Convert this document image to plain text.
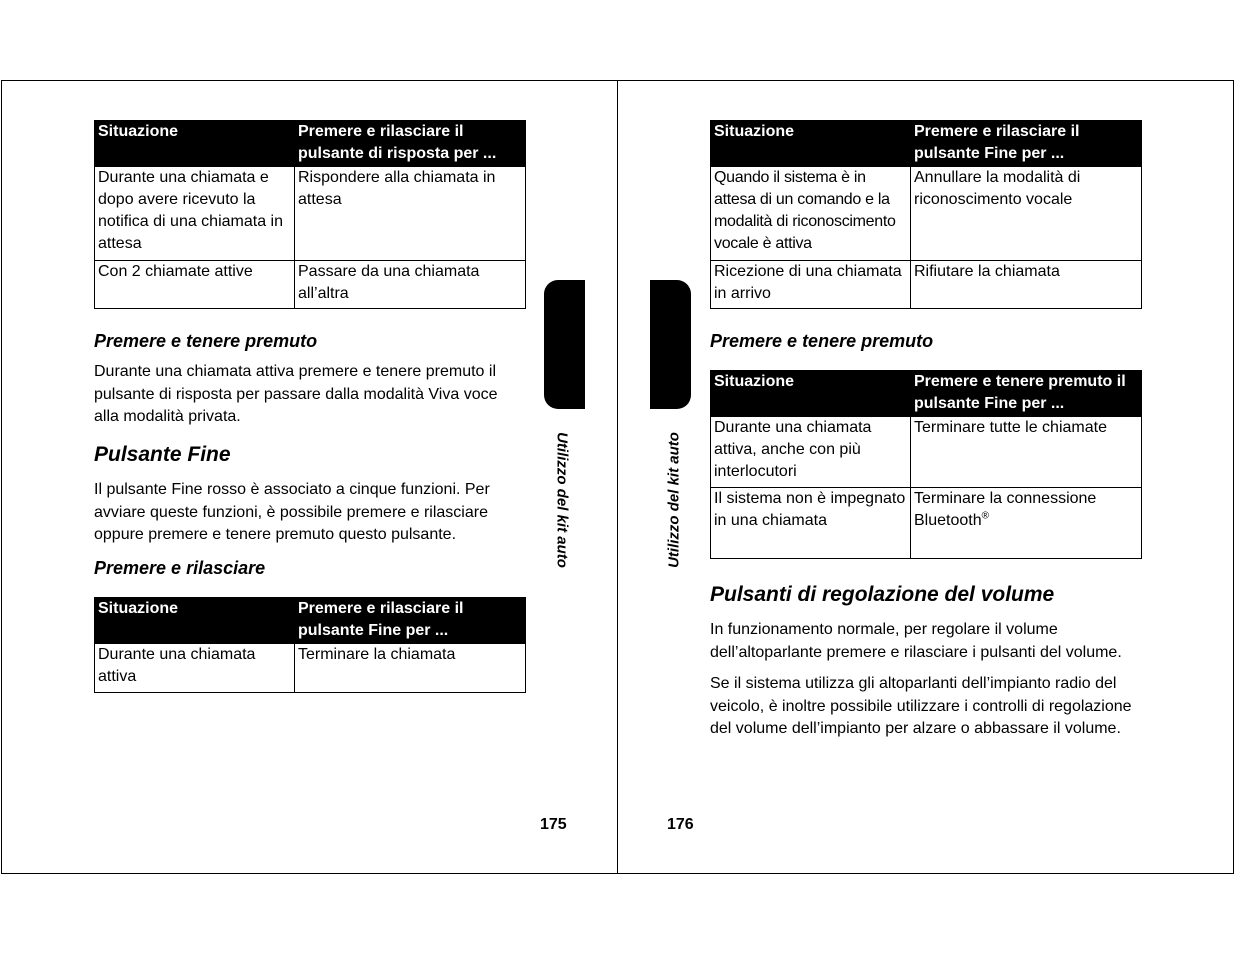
Situazione	Premere e rilasciare il pulsante di risposta per ...
Durante una chiamata e dopo avere ricevuto la notifica di una chiamata in attesa	Rispondere alla chiamata in attesa
Con 2 chiamate attive	Passare da una chiamata all’altra
Premere e tenere premuto
Durante una chiamata attiva premere e tenere premuto il pulsante di risposta per passare dalla modalità Viva voce alla modalità privata.
Pulsante Fine
Il pulsante Fine rosso è associato a cinque funzioni. Per avviare queste funzioni, è possibile premere e rilasciare oppure premere e tenere premuto questo pulsante.
Premere e rilasciare
Situazione	Premere e rilasciare il pulsante Fine per ...
Durante una chiamata attiva	Terminare la chiamata
Utilizzo del kit auto
175
Utilizzo del kit auto
176
Situazione	Premere e rilasciare il pulsante Fine per ...
Quando il sistema è in attesa di un comando e la modalità di riconoscimento vocale è attiva	Annullare la modalità di riconoscimento vocale
Ricezione di una chiamata in arrivo	Rifiutare la chiamata
Premere e tenere premuto
Situazione	Premere e tenere premuto il pulsante Fine per ...
Durante una chiamata attiva, anche con più interlocutori	Terminare tutte le chiamate
Il sistema non è impegnato in una chiamata	Terminare la connessione Bluetooth®
Pulsanti di regolazione del volume
In funzionamento normale, per regolare il volume dell’altoparlante premere e rilasciare i pulsanti del volume.
Se il sistema utilizza gli altoparlanti dell’impianto radio del veicolo, è inoltre possibile utilizzare i controlli di regolazione del volume dell’impianto per alzare o abbassare il volume.
